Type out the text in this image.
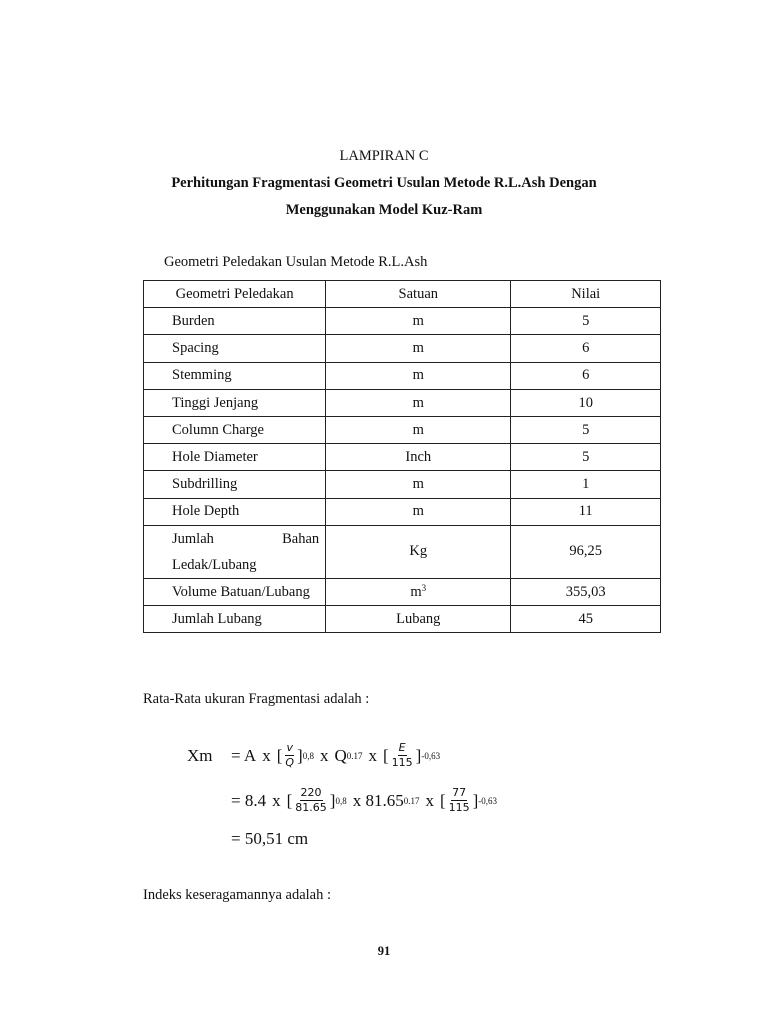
LAMPIRAN C
Perhitungan Fragmentasi Geometri Usulan Metode R.L.Ash Dengan
Menggunakan Model Kuz-Ram
Geometri Peledakan Usulan Metode R.L.Ash
Geometri Peledakan	Satuan	Nilai
Burden	m	5
Spacing	m	6
Stemming	m	6
Tinggi Jenjang	m	10
Column Charge	m	5
Hole Diameter	Inch	5
Subdrilling	m	1
Hole Depth	m	11

Jumlah Bahan
Ledak/Lubang	Kg	96,25
Volume Batuan/Lubang	$m^3$	355,03
Jumlah Lubang	Lubang	45
Rata-Rata ukuran Fragmentasi adalah :
Xm	= A x [ $\frac{v}{Q}$ ] 0,8 x Q 0.17 x [ $\frac{E}{115}$ ] -0,63
= 8.4 x [ $\frac{220}{81.65}$ ] 0,8 x 81.65 0.17 x [ $\frac{77}{115}$ ] -0,63
= 50,51 cm
Indeks keseragamannya adalah :
91
